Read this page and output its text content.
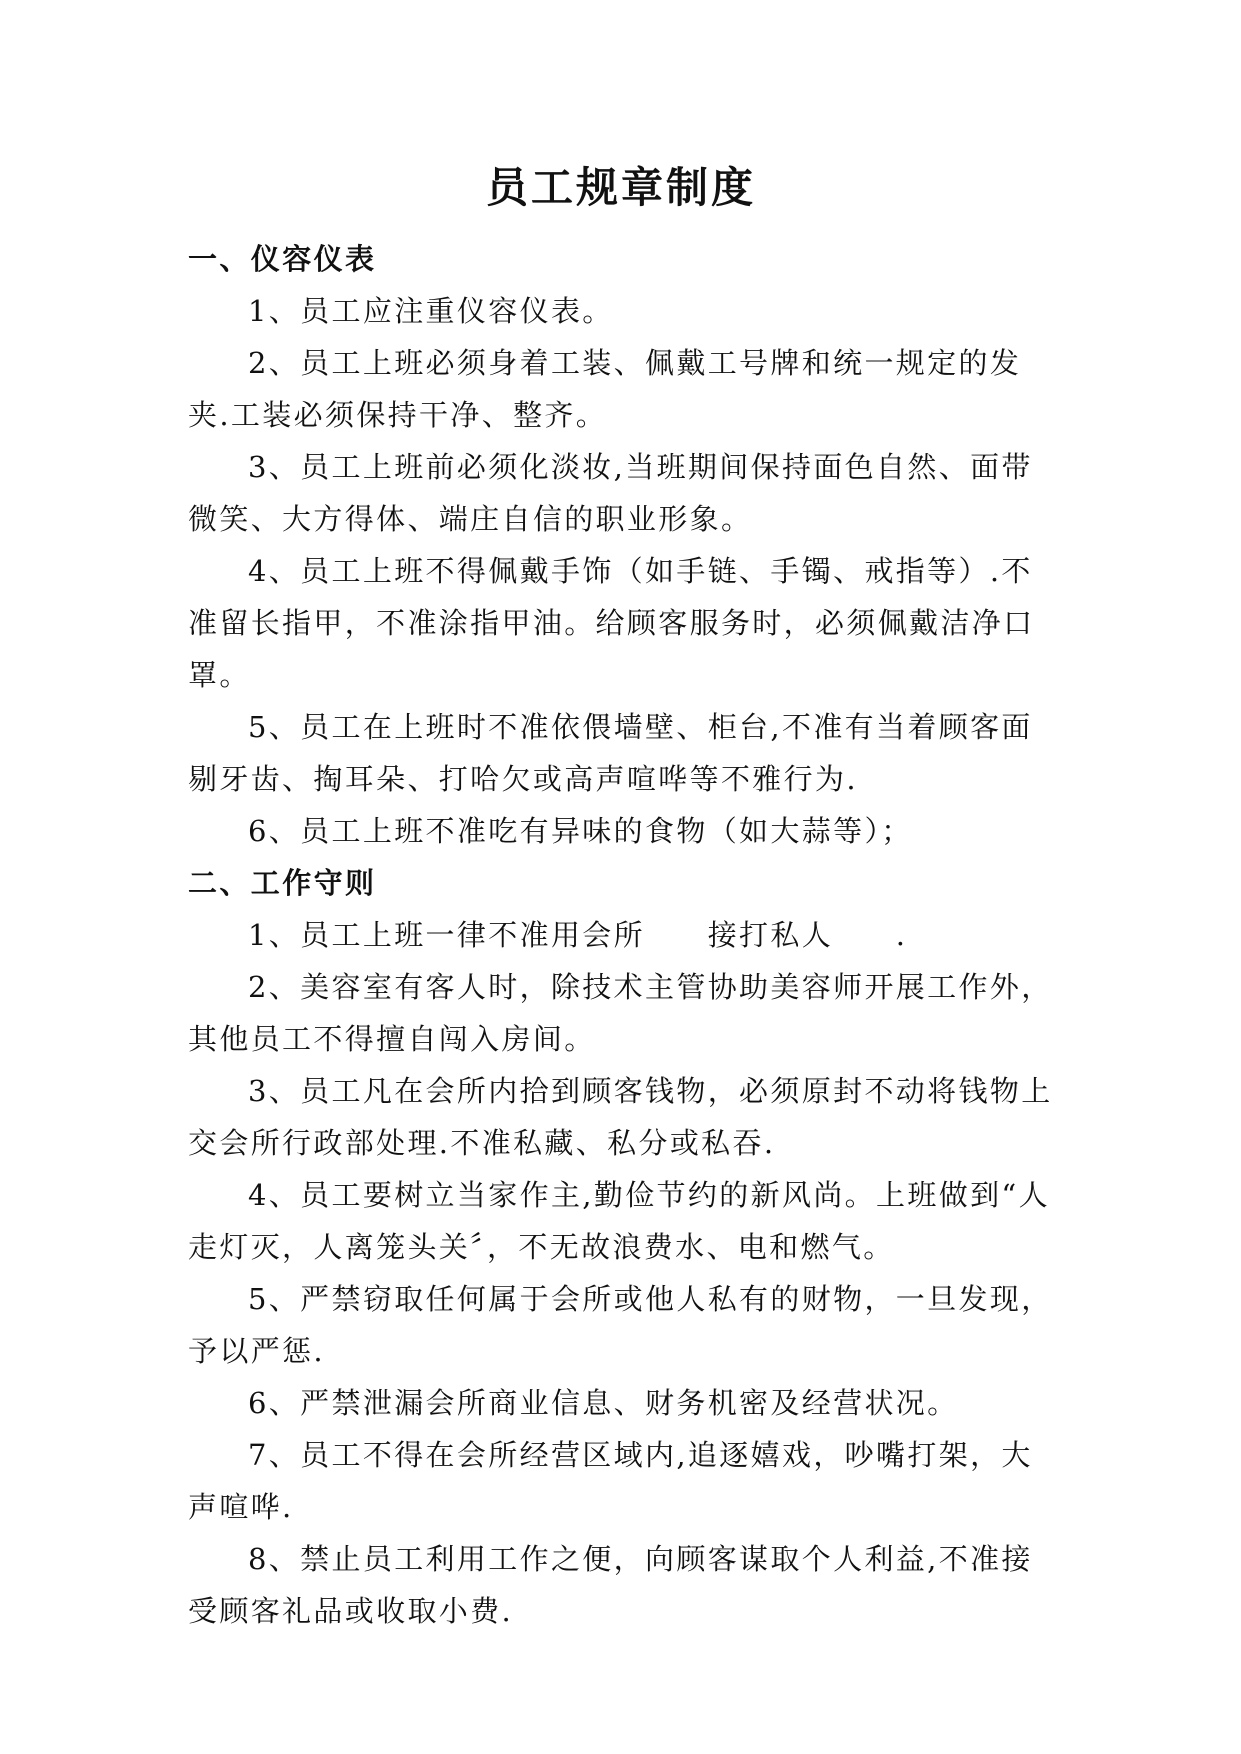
员工规章制度

一、仪容仪表

1、员工应注重仪容仪表。

2、员工上班必须身着工装、佩戴工号牌和统一规定的发夹.工装必须保持干净、整齐。

3、员工上班前必须化淡妆,当班期间保持面色自然、面带微笑、大方得体、端庄自信的职业形象。

4、员工上班不得佩戴手饰（如手链、手镯、戒指等）.不准留长指甲，不准涂指甲油。给顾客服务时，必须佩戴洁净口罩。

5、员工在上班时不准依偎墙壁、柜台,不准有当着顾客面剔牙齿、掏耳朵、打哈欠或高声喧哗等不雅行为.

6、员工上班不准吃有异味的食物（如大蒜等）；

二、工作守则

1、员工上班一律不准用会所　　接打私人　　.

2、美容室有客人时，除技术主管协助美容师开展工作外，其他员工不得擅自闯入房间。

3、员工凡在会所内拾到顾客钱物，必须原封不动将钱物上交会所行政部处理.不准私藏、私分或私吞.

4、员工要树立当家作主,勤俭节约的新风尚。上班做到“人走灯灭，人离笼头关〞，不无故浪费水、电和燃气。

5、严禁窃取任何属于会所或他人私有的财物，一旦发现，予以严惩.

6、严禁泄漏会所商业信息、财务机密及经营状况。

7、员工不得在会所经营区域内,追逐嬉戏，吵嘴打架，大声喧哗.

8、禁止员工利用工作之便，向顾客谋取个人利益,不准接受顾客礼品或收取小费.
